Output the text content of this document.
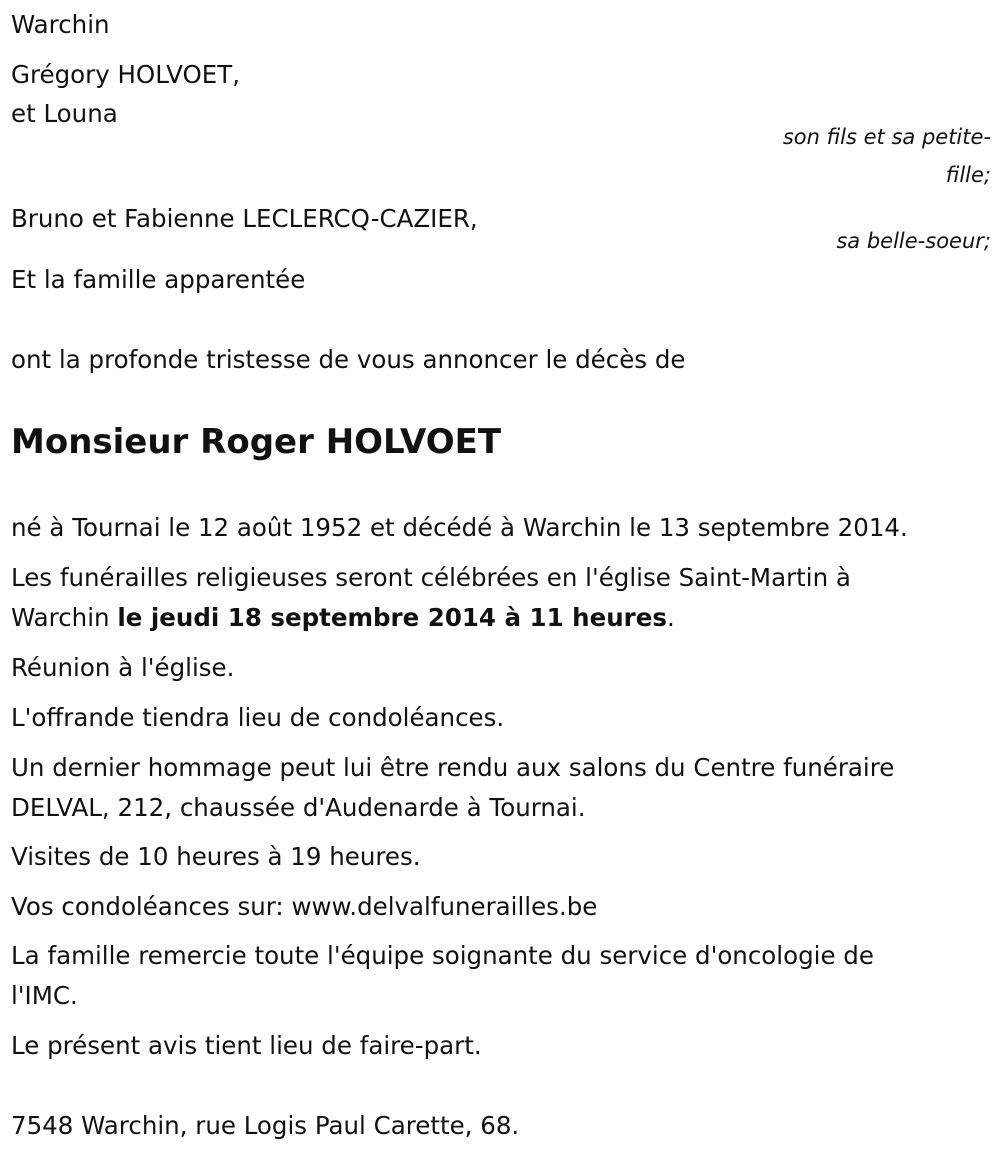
Warchin

Grégory HOLVOET,

et Louna

son fils et sa petite-

fille;

Bruno et Fabienne LECLERCQ-CAZIER,

sa belle-soeur;

Et la famille apparentée

ont la profonde tristesse de vous annoncer le décès de

Monsieur Roger HOLVOET

né à Tournai le 12 août 1952 et décédé à Warchin le 13 septembre 2014.

Les funérailles religieuses seront célébrées en l'église Saint-Martin à

Warchin le jeudi 18 septembre 2014 à 11 heures.

Réunion à l'église.

L'offrande tiendra lieu de condoléances.

Un dernier hommage peut lui être rendu aux salons du Centre funéraire

DELVAL, 212, chaussée d'Audenarde à Tournai.

Visites de 10 heures à 19 heures.

Vos condoléances sur: www.delvalfunerailles.be

La famille remercie toute l'équipe soignante du service d'oncologie de

l'IMC.

Le présent avis tient lieu de faire-part.

7548 Warchin, rue Logis Paul Carette, 68.
